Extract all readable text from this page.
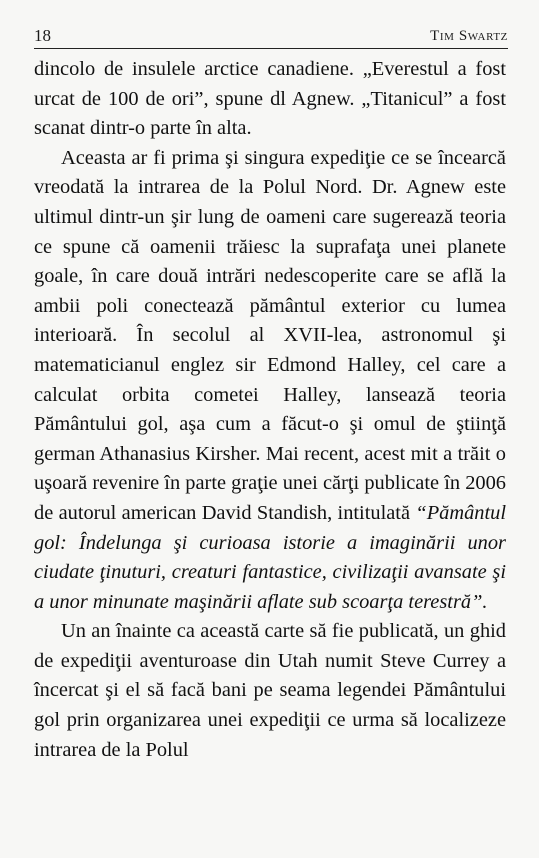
18	Tim Swartz

dincolo de insulele arctice canadiene. „Everestul a fost urcat de 100 de ori”, spune dl Agnew. „Titanicul” a fost scanat dintr-o parte în alta.

Aceasta ar fi prima şi singura expediţie ce se încearcă vreodată la intrarea de la Polul Nord. Dr. Agnew este ultimul dintr-un şir lung de oameni care sugerează teoria ce spune că oamenii trăiesc la suprafaţa unei planete goale, în care două intrări nedescoperite care se află la ambii poli conectează pământul exterior cu lumea interioară. În secolul al XVII-lea, astronomul şi matematicianul englez sir Edmond Halley, cel care a calculat orbita cometei Halley, lansează teoria Pământului gol, aşa cum a făcut-o şi omul de ştiinţă german Athanasius Kirsher. Mai recent, acest mit a trăit o uşoară revenire în parte graţie unei cărţi publicate în 2006 de autorul american David Standish, intitulată “Pământul gol: Îndelunga şi curioasa istorie a imaginării unor ciudate ţinuturi, creaturi fantastice, civilizaţii avansate şi a unor minunate maşinării aflate sub scoarţa terestră”.

Un an înainte ca această carte să fie publicată, un ghid de expediţii aventuroase din Utah numit Steve Currey a încercat şi el să facă bani pe seama legendei Pământului gol prin organizarea unei expediţii ce urma să localizeze intrarea de la Polul
